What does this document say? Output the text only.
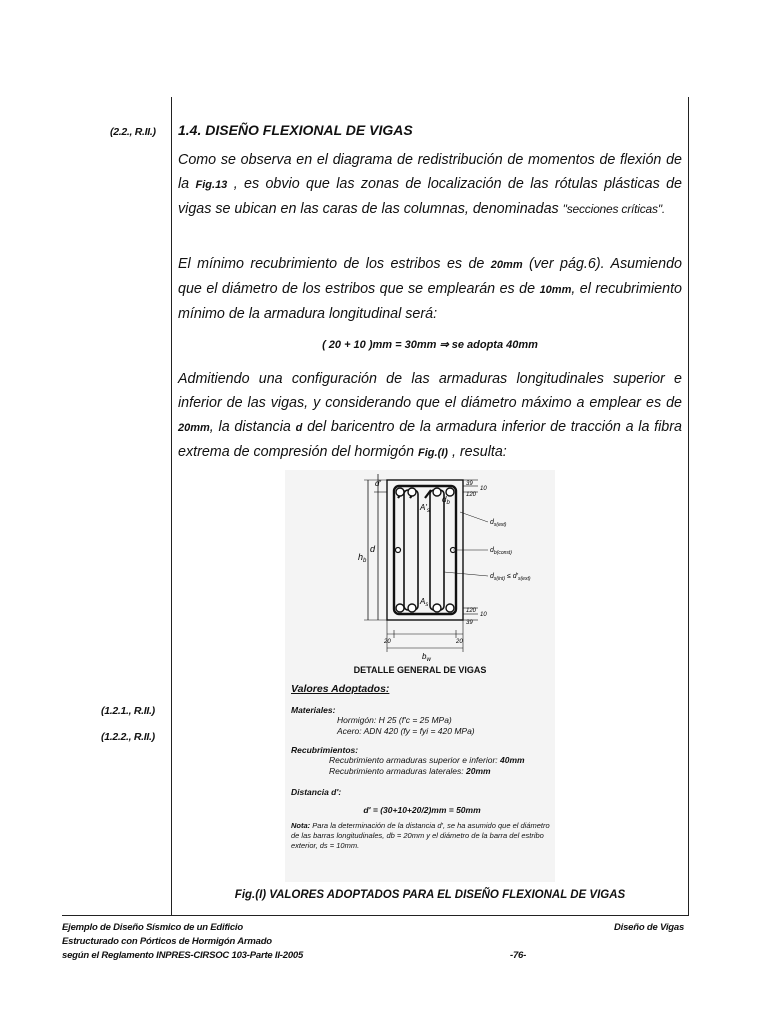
(2.2., R.II.)
(1.2.1., R.II.)
(1.2.2., R.II.)
1.4. DISEÑO FLEXIONAL DE VIGAS
Como se observa en el diagrama de redistribución de momentos de flexión de la Fig.13 , es obvio que las zonas de localización de las rótulas plásticas de vigas se ubican en las caras de las columnas, denominadas "secciones críticas".
El mínimo recubrimiento de los estribos es de 20mm (ver pág.6). Asumiendo que el diámetro de los estribos que se emplearán es de 10mm, el recubrimiento mínimo de la armadura longitudinal será:
( 20 + 10 )mm = 30mm ⇒ se adopta 40mm
Admitiendo una configuración de las armaduras longitudinales superior e inferior de las vigas, y considerando que el diámetro máximo a emplear es de 20mm, la distancia d del baricentro de la armadura inferior de tracción a la fibra extrema de compresión del hormigón Fig.(I) , resulta:
d'
d
$h_b$
$A'_s$
$A_s$
$d_b$
$d_{s(ext)}$
$d_{b(const)}$
$d_{s(int)} \le d'_{s(ext)}$
39
10
120
120
10
39
20	20
$b_w$
DETALLE GENERAL DE VIGAS
Valores Adoptados:
Materiales:
Hormigón: H 25 (f'c = 25 MPa)
Acero: ADN 420 (fy = fyi = 420 MPa)
Recubrimientos:
Recubrimiento armaduras superior e inferior: 40mm
Recubrimiento armaduras laterales: 20mm
Distancia d':
d' = (30+10+20/2)mm = 50mm
Nota: Para la determinación de la distancia d', se ha asumido que el diámetro de las barras longitudinales, db = 20mm y el diámetro de la barra del estribo exterior, ds = 10mm.
Fig.(I) VALORES ADOPTADOS PARA EL DISEÑO FLEXIONAL DE VIGAS
Ejemplo de Diseño Sísmico de un Edificio
Estructurado con Pórticos de Hormigón Armado
según el Reglamento INPRES-CIRSOC 103-Parte II-2005
Diseño de Vigas
-76-
